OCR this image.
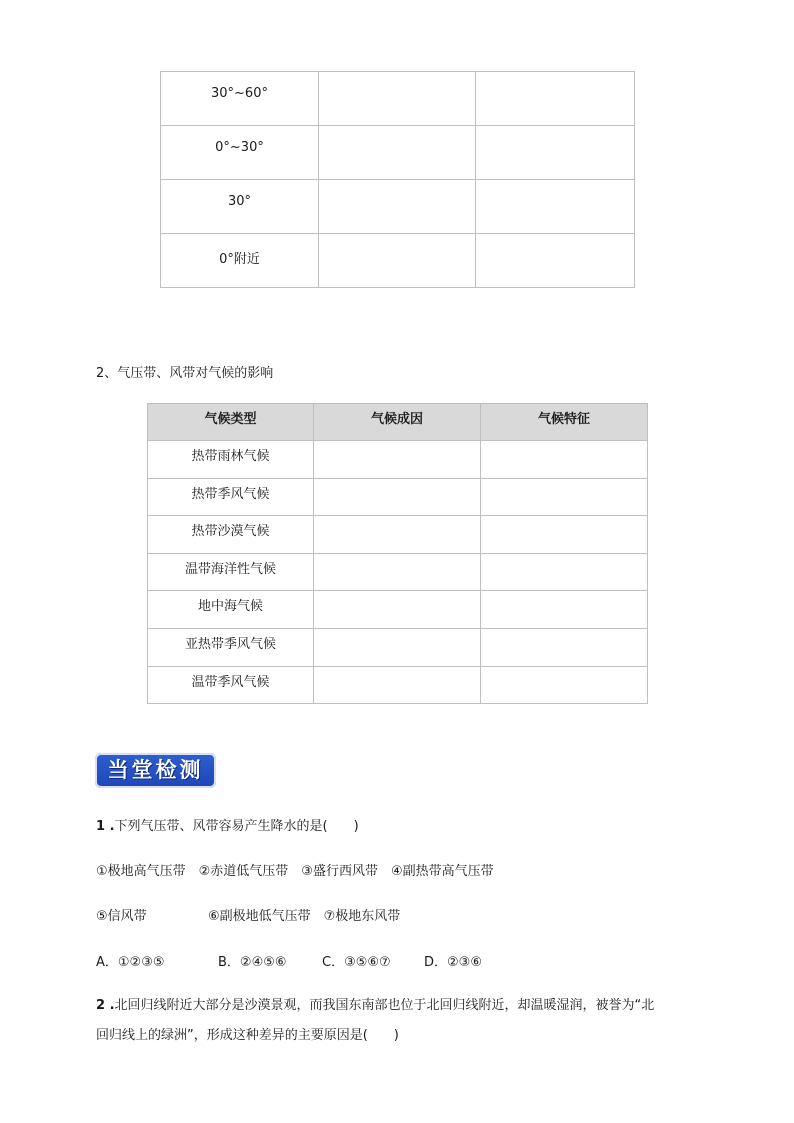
30°~60°		
0°~30°		
30°		
0°附近		
2、气压带、风带对气候的影响
气候类型	气候成因	气候特征
热带雨林气候		
热带季风气候		
热带沙漠气候		
温带海洋性气候		
地中海气候		
亚热带季风气候		
温带季风气候		
当堂检测
1 .下列气压带、风带容易产生降水的是(　　)
①极地高气压带　②赤道低气压带　③盛行西风带　④副热带高气压带
⑤信风带	⑥副极地低气压带　⑦极地东风带
A．①②③⑤	B．②④⑤⑥	C．③⑤⑥⑦	D．②③⑥
2 .北回归线附近大部分是沙漠景观，而我国东南部也位于北回归线附近，却温暖湿润，被誉为“北
回归线上的绿洲”，形成这种差异的主要原因是(　　)
